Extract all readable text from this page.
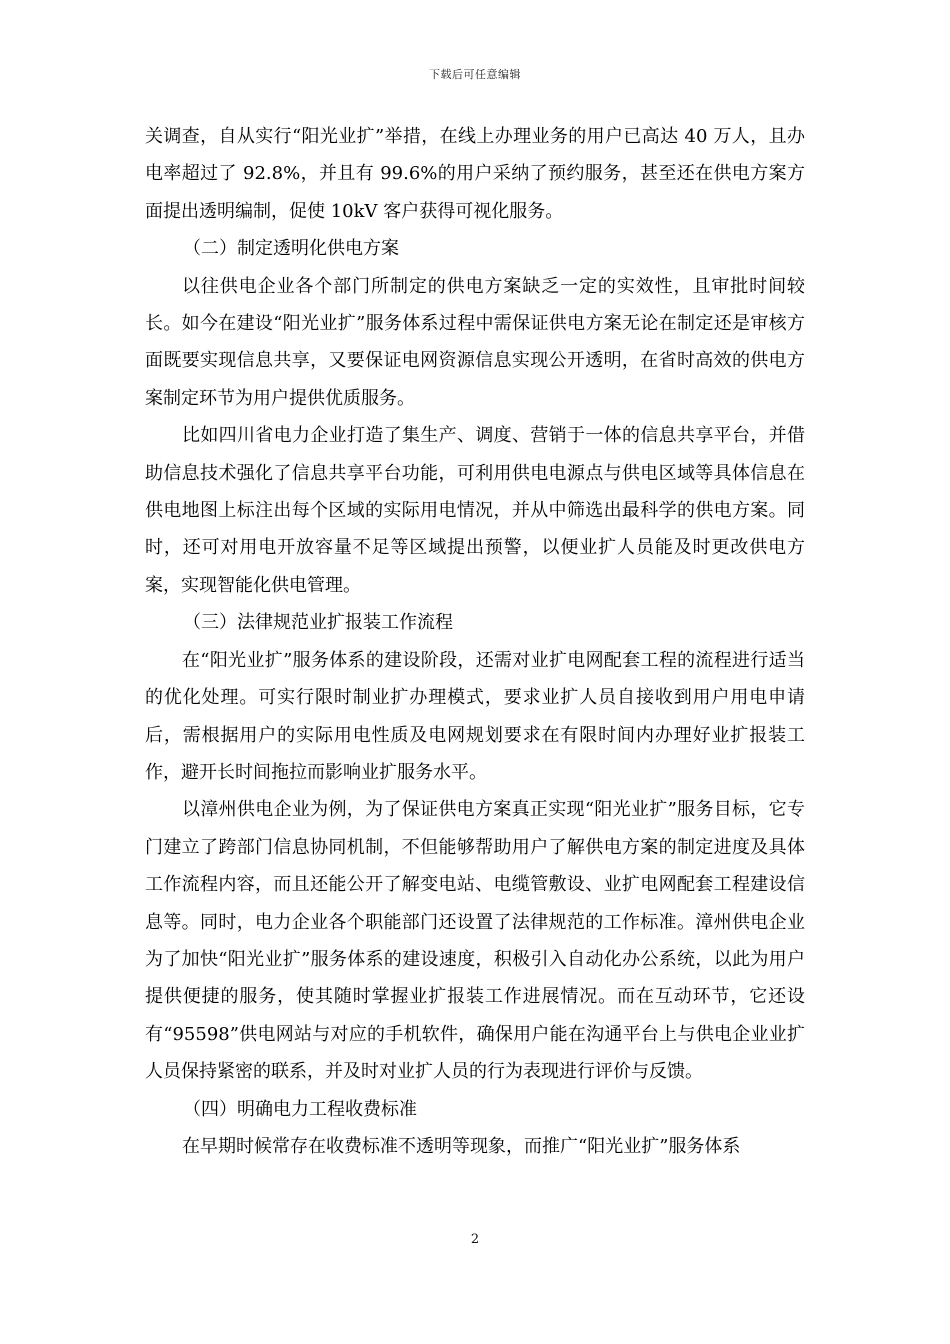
下载后可任意编辑

关调查，自从实行“阳光业扩”举措，在线上办理业务的用户已高达 40 万人，且办电率超过了 92.8%，并且有 99.6%的用户采纳了预约服务，甚至还在供电方案方面提出透明编制，促使 10kV 客户获得可视化服务。

（二）制定透明化供电方案

以往供电企业各个部门所制定的供电方案缺乏一定的实效性，且审批时间较长。如今在建设“阳光业扩”服务体系过程中需保证供电方案无论在制定还是审核方面既要实现信息共享，又要保证电网资源信息实现公开透明，在省时高效的供电方案制定环节为用户提供优质服务。

比如四川省电力企业打造了集生产、调度、营销于一体的信息共享平台，并借助信息技术强化了信息共享平台功能，可利用供电电源点与供电区域等具体信息在供电地图上标注出每个区域的实际用电情况，并从中筛选出最科学的供电方案。同时，还可对用电开放容量不足等区域提出预警，以便业扩人员能及时更改供电方案，实现智能化供电管理。

（三）法律规范业扩报装工作流程

在“阳光业扩”服务体系的建设阶段，还需对业扩电网配套工程的流程进行适当的优化处理。可实行限时制业扩办理模式，要求业扩人员自接收到用户用电申请后，需根据用户的实际用电性质及电网规划要求在有限时间内办理好业扩报装工作，避开长时间拖拉而影响业扩服务水平。

以漳州供电企业为例，为了保证供电方案真正实现“阳光业扩”服务目标，它专门建立了跨部门信息协同机制，不但能够帮助用户了解供电方案的制定进度及具体工作流程内容，而且还能公开了解变电站、电缆管敷设、业扩电网配套工程建设信息等。同时，电力企业各个职能部门还设置了法律规范的工作标准。漳州供电企业为了加快“阳光业扩”服务体系的建设速度，积极引入自动化办公系统，以此为用户提供便捷的服务，使其随时掌握业扩报装工作进展情况。而在互动环节，它还设有“95598”供电网站与对应的手机软件，确保用户能在沟通平台上与供电企业业扩人员保持紧密的联系，并及时对业扩人员的行为表现进行评价与反馈。

（四）明确电力工程收费标准

在早期时候常存在收费标准不透明等现象，而推广“阳光业扩”服务体系

2
